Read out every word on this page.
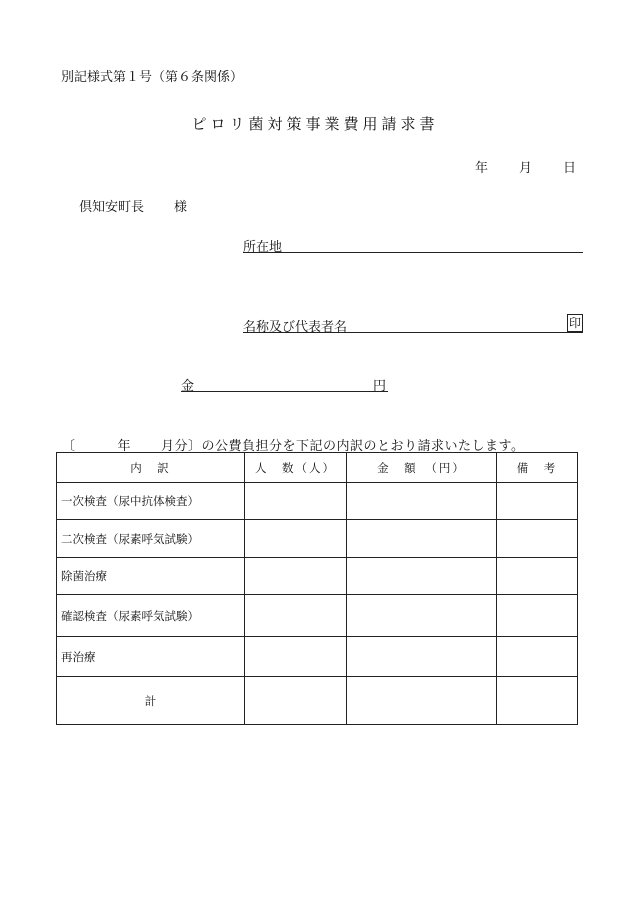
別記様式第１号（第６条関係）
ピロリ菌対策事業費用請求書
年 月 日
倶知安町長 様
所在地
名称及び代表者名	印
金	円
〔	年 月分〕の公費負担分を下記の内訳のとおり請求いたします。
内　訳	人　数（人）	金　額　（円）	備　考
一次検査（尿中抗体検査）			
二次検査（尿素呼気試験）			
除菌治療			
確認検査（尿素呼気試験）			
再治療			
計			
